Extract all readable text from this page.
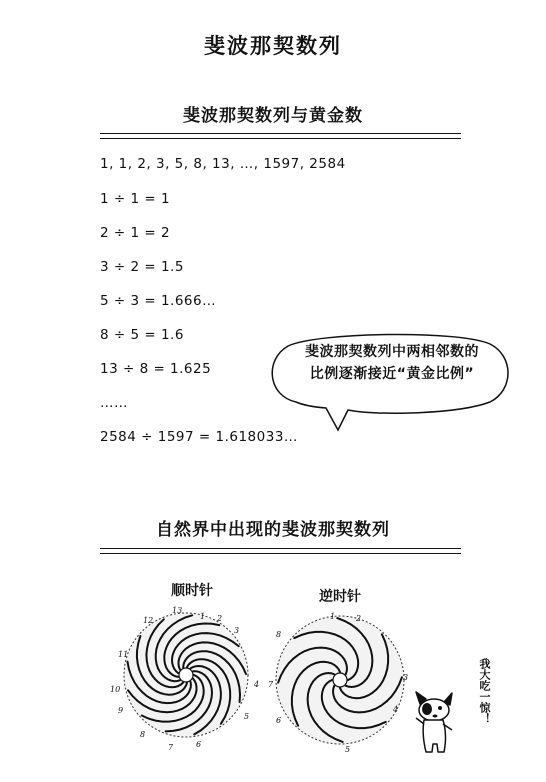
斐波那契数列
斐波那契数列与黄金数
1, 1, 2, 3, 5, 8, 13, …, 1597, 2584
1 ÷ 1 = 1
2 ÷ 1 = 2
3 ÷ 2 = 1.5
5 ÷ 3 = 1.666…
8 ÷ 5 = 1.6
13 ÷ 8 = 1.625
……
2584 ÷ 1597 = 1.618033…
斐波那契数列中两相邻数的
比例逐渐接近“黄金比例”
自然界中出现的斐波那契数列
顺时针	逆时针
1 2
3
4
5
6
7
8
9
10
11
12
13
1	2
3
4
5
6
7
8
我大吃一惊！
